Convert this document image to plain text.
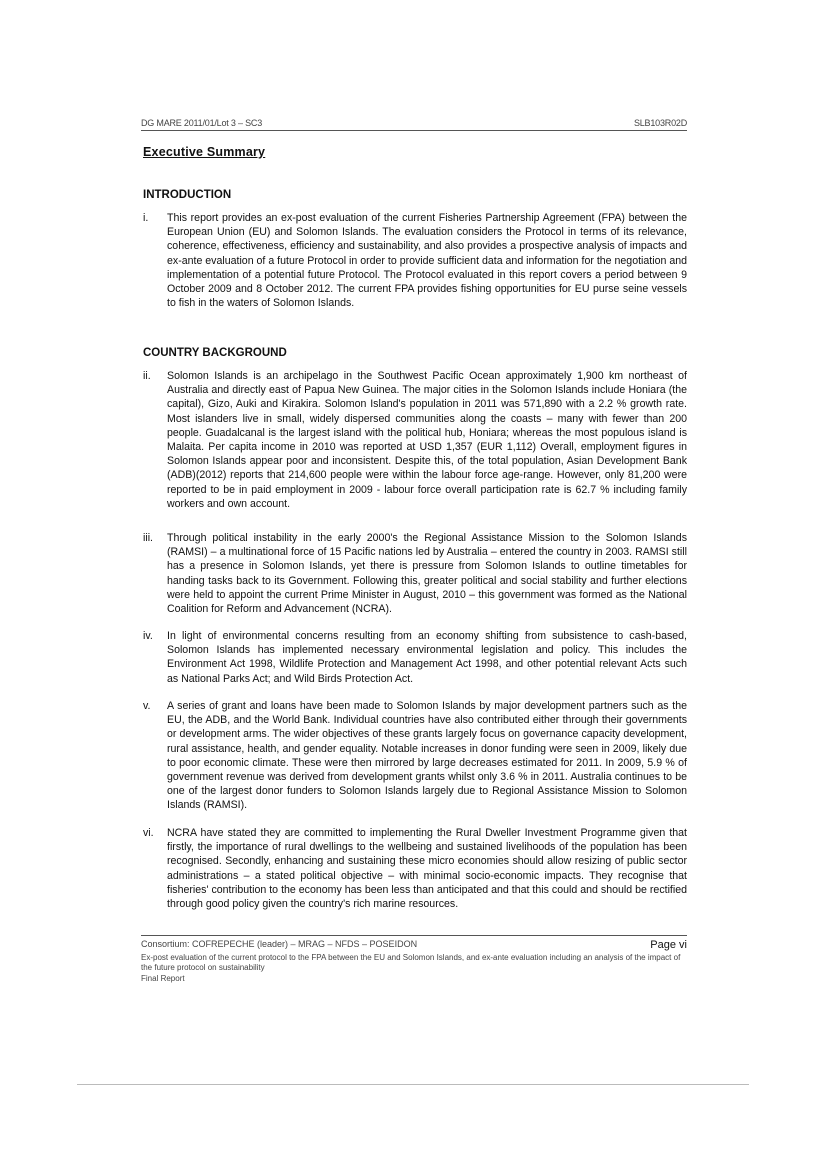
DG MARE 2011/01/Lot 3 – SC3	SLB103R02D
Executive Summary
INTRODUCTION
i.	This report provides an ex-post evaluation of the current Fisheries Partnership Agreement (FPA) between the European Union (EU) and Solomon Islands. The evaluation considers the Protocol in terms of its relevance, coherence, effectiveness, efficiency and sustainability, and also provides a prospective analysis of impacts and ex-ante evaluation of a future Protocol in order to provide sufficient data and information for the negotiation and implementation of a potential future Protocol. The Protocol evaluated in this report covers a period between 9 October 2009 and 8 October 2012. The current FPA provides fishing opportunities for EU purse seine vessels to fish in the waters of Solomon Islands.
COUNTRY BACKGROUND
ii.	Solomon Islands is an archipelago in the Southwest Pacific Ocean approximately 1,900 km northeast of Australia and directly east of Papua New Guinea. The major cities in the Solomon Islands include Honiara (the capital), Gizo, Auki and Kirakira. Solomon Island's population in 2011 was 571,890 with a 2.2 % growth rate. Most islanders live in small, widely dispersed communities along the coasts – many with fewer than 200 people. Guadalcanal is the largest island with the political hub, Honiara; whereas the most populous island is Malaita. Per capita income in 2010 was reported at USD 1,357 (EUR 1,112) Overall, employment figures in Solomon Islands appear poor and inconsistent. Despite this, of the total population, Asian Development Bank (ADB)(2012) reports that 214,600 people were within the labour force age-range. However, only 81,200 were reported to be in paid employment in 2009 - labour force overall participation rate is 62.7 % including family workers and own account.
iii.	Through political instability in the early 2000's the Regional Assistance Mission to the Solomon Islands (RAMSI) – a multinational force of 15 Pacific nations led by Australia – entered the country in 2003. RAMSI still has a presence in Solomon Islands, yet there is pressure from Solomon Islands to outline timetables for handing tasks back to its Government. Following this, greater political and social stability and further elections were held to appoint the current Prime Minister in August, 2010 – this government was formed as the National Coalition for Reform and Advancement (NCRA).
iv.	In light of environmental concerns resulting from an economy shifting from subsistence to cash-based, Solomon Islands has implemented necessary environmental legislation and policy. This includes the Environment Act 1998, Wildlife Protection and Management Act 1998, and other potential relevant Acts such as National Parks Act; and Wild Birds Protection Act.
v.	A series of grant and loans have been made to Solomon Islands by major development partners such as the EU, the ADB, and the World Bank. Individual countries have also contributed either through their governments or development arms. The wider objectives of these grants largely focus on governance capacity development, rural assistance, health, and gender equality. Notable increases in donor funding were seen in 2009, likely due to poor economic climate. These were then mirrored by large decreases estimated for 2011. In 2009, 5.9 % of government revenue was derived from development grants whilst only 3.6 % in 2011. Australia continues to be one of the largest donor funders to Solomon Islands largely due to Regional Assistance Mission to Solomon Islands (RAMSI).
vi.	NCRA have stated they are committed to implementing the Rural Dweller Investment Programme given that firstly, the importance of rural dwellings to the wellbeing and sustained livelihoods of the population has been recognised. Secondly, enhancing and sustaining these micro economies should allow resizing of public sector administrations – a stated political objective – with minimal socio-economic impacts. They recognise that fisheries' contribution to the economy has been less than anticipated and that this could and should be rectified through good policy given the country's rich marine resources.
Consortium: COFREPECHE (leader) – MRAG – NFDS – POSEIDON	Page vi
Ex-post evaluation of the current protocol to the FPA between the EU and Solomon Islands, and ex-ante evaluation including an analysis of the impact of the future protocol on sustainability
Final Report
